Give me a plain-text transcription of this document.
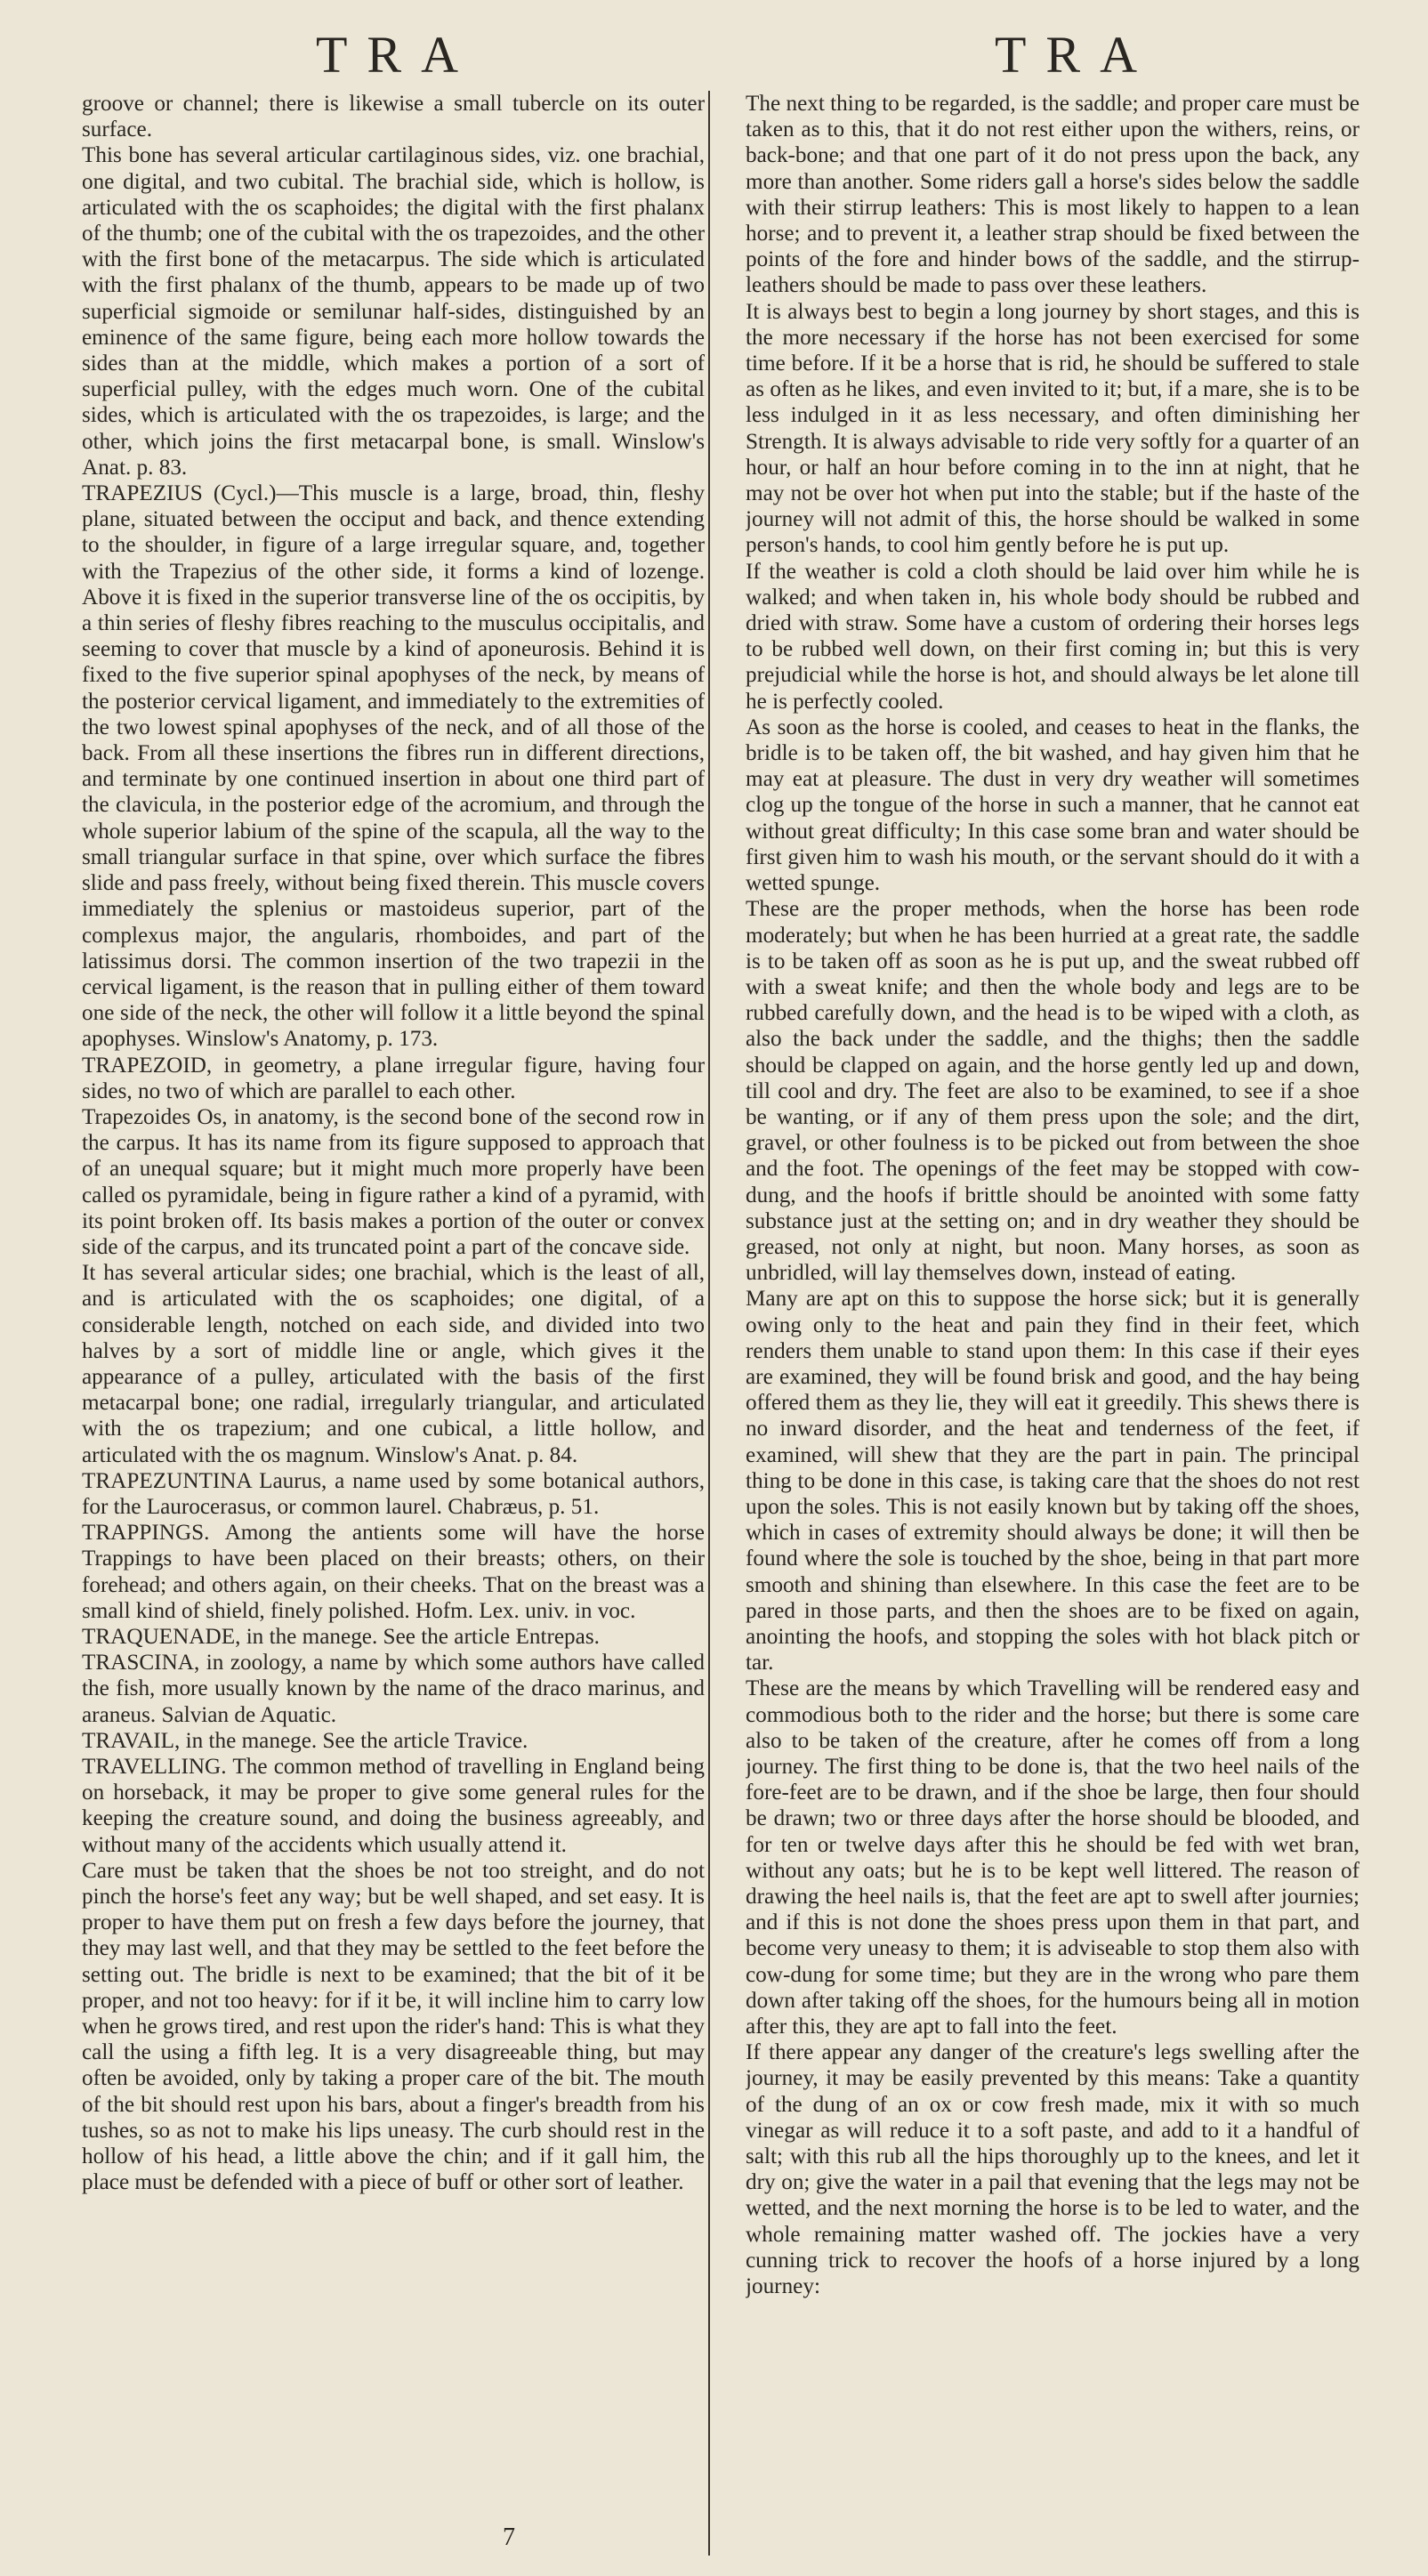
TRA	TRA

groove or channel; there is likewise a small tubercle on its outer surface.

This bone has several articular cartilaginous sides, viz. one brachial, one digital, and two cubital. The brachial side, which is hollow, is articulated with the os scaphoides; the digital with the first phalanx of the thumb; one of the cubital with the os trapezoides, and the other with the first bone of the metacarpus. The side which is articulated with the first phalanx of the thumb, appears to be made up of two superficial sigmoide or semilunar half-sides, distinguished by an eminence of the same figure, being each more hollow towards the sides than at the middle, which makes a portion of a sort of superficial pulley, with the edges much worn. One of the cubital sides, which is articulated with the os trapezoides, is large; and the other, which joins the first metacarpal bone, is small. Winslow's Anat. p. 83.

TRAPEZIUS (Cycl.)—This muscle is a large, broad, thin, fleshy plane, situated between the occiput and back, and thence extending to the shoulder, in figure of a large irregular square, and, together with the Trapezius of the other side, it forms a kind of lozenge. Above it is fixed in the superior transverse line of the os occipitis, by a thin series of fleshy fibres reaching to the musculus occipitalis, and seeming to cover that muscle by a kind of aponeurosis. Behind it is fixed to the five superior spinal apophyses of the neck, by means of the posterior cervical ligament, and immediately to the extremities of the two lowest spinal apophyses of the neck, and of all those of the back. From all these insertions the fibres run in different directions, and terminate by one continued insertion in about one third part of the clavicula, in the posterior edge of the acromium, and through the whole superior labium of the spine of the scapula, all the way to the small triangular surface in that spine, over which surface the fibres slide and pass freely, without being fixed therein. This muscle covers immediately the splenius or mastoideus superior, part of the complexus major, the angularis, rhomboides, and part of the latissimus dorsi. The common insertion of the two trapezii in the cervical ligament, is the reason that in pulling either of them toward one side of the neck, the other will follow it a little beyond the spinal apophyses. Winslow's Anatomy, p. 173.

TRAPEZOID, in geometry, a plane irregular figure, having four sides, no two of which are parallel to each other.

Trapezoides Os, in anatomy, is the second bone of the second row in the carpus. It has its name from its figure supposed to approach that of an unequal square; but it might much more properly have been called os pyramidale, being in figure rather a kind of a pyramid, with its point broken off. Its basis makes a portion of the outer or convex side of the carpus, and its truncated point a part of the concave side.

It has several articular sides; one brachial, which is the least of all, and is articulated with the os scaphoides; one digital, of a considerable length, notched on each side, and divided into two halves by a sort of middle line or angle, which gives it the appearance of a pulley, articulated with the basis of the first metacarpal bone; one radial, irregularly triangular, and articulated with the os trapezium; and one cubical, a little hollow, and articulated with the os magnum. Winslow's Anat. p. 84.

TRAPEZUNTINA Laurus, a name used by some botanical authors, for the Laurocerasus, or common laurel. Chabræus, p. 51.

TRAPPINGS. Among the antients some will have the horse Trappings to have been placed on their breasts; others, on their forehead; and others again, on their cheeks. That on the breast was a small kind of shield, finely polished. Hofm. Lex. univ. in voc.

TRAQUENADE, in the manege. See the article Entrepas.

TRASCINA, in zoology, a name by which some authors have called the fish, more usually known by the name of the draco marinus, and araneus. Salvian de Aquatic.

TRAVAIL, in the manege. See the article Travice.

TRAVELLING. The common method of travelling in England being on horseback, it may be proper to give some general rules for the keeping the creature sound, and doing the business agreeably, and without many of the accidents which usually attend it.

Care must be taken that the shoes be not too streight, and do not pinch the horse's feet any way; but be well shaped, and set easy. It is proper to have them put on fresh a few days before the journey, that they may last well, and that they may be settled to the feet before the setting out. The bridle is next to be examined; that the bit of it be proper, and not too heavy: for if it be, it will incline him to carry low when he grows tired, and rest upon the rider's hand: This is what they call the using a fifth leg. It is a very disagreeable thing, but may often be avoided, only by taking a proper care of the bit. The mouth of the bit should rest upon his bars, about a finger's breadth from his tushes, so as not to make his lips uneasy. The curb should rest in the hollow of his head, a little above the chin; and if it gall him, the place must be defended with a piece of buff or other sort of leather.

The next thing to be regarded, is the saddle; and proper care must be taken as to this, that it do not rest either upon the withers, reins, or back-bone; and that one part of it do not press upon the back, any more than another. Some riders gall a horse's sides below the saddle with their stirrup leathers: This is most likely to happen to a lean horse; and to prevent it, a leather strap should be fixed between the points of the fore and hinder bows of the saddle, and the stirrup-leathers should be made to pass over these leathers.

It is always best to begin a long journey by short stages, and this is the more necessary if the horse has not been exercised for some time before. If it be a horse that is rid, he should be suffered to stale as often as he likes, and even invited to it; but, if a mare, she is to be less indulged in it as less necessary, and often diminishing her Strength. It is always advisable to ride very softly for a quarter of an hour, or half an hour before coming in to the inn at night, that he may not be over hot when put into the stable; but if the haste of the journey will not admit of this, the horse should be walked in some person's hands, to cool him gently before he is put up.

If the weather is cold a cloth should be laid over him while he is walked; and when taken in, his whole body should be rubbed and dried with straw. Some have a custom of ordering their horses legs to be rubbed well down, on their first coming in; but this is very prejudicial while the horse is hot, and should always be let alone till he is perfectly cooled.

As soon as the horse is cooled, and ceases to heat in the flanks, the bridle is to be taken off, the bit washed, and hay given him that he may eat at pleasure. The dust in very dry weather will sometimes clog up the tongue of the horse in such a manner, that he cannot eat without great difficulty; In this case some bran and water should be first given him to wash his mouth, or the servant should do it with a wetted spunge.

These are the proper methods, when the horse has been rode moderately; but when he has been hurried at a great rate, the saddle is to be taken off as soon as he is put up, and the sweat rubbed off with a sweat knife; and then the whole body and legs are to be rubbed carefully down, and the head is to be wiped with a cloth, as also the back under the saddle, and the thighs; then the saddle should be clapped on again, and the horse gently led up and down, till cool and dry. The feet are also to be examined, to see if a shoe be wanting, or if any of them press upon the sole; and the dirt, gravel, or other foulness is to be picked out from between the shoe and the foot. The openings of the feet may be stopped with cow-dung, and the hoofs if brittle should be anointed with some fatty substance just at the setting on; and in dry weather they should be greased, not only at night, but noon. Many horses, as soon as unbridled, will lay themselves down, instead of eating.

Many are apt on this to suppose the horse sick; but it is generally owing only to the heat and pain they find in their feet, which renders them unable to stand upon them: In this case if their eyes are examined, they will be found brisk and good, and the hay being offered them as they lie, they will eat it greedily. This shews there is no inward disorder, and the heat and tenderness of the feet, if examined, will shew that they are the part in pain. The principal thing to be done in this case, is taking care that the shoes do not rest upon the soles. This is not easily known but by taking off the shoes, which in cases of extremity should always be done; it will then be found where the sole is touched by the shoe, being in that part more smooth and shining than elsewhere. In this case the feet are to be pared in those parts, and then the shoes are to be fixed on again, anointing the hoofs, and stopping the soles with hot black pitch or tar.

These are the means by which Travelling will be rendered easy and commodious both to the rider and the horse; but there is some care also to be taken of the creature, after he comes off from a long journey. The first thing to be done is, that the two heel nails of the fore-feet are to be drawn, and if the shoe be large, then four should be drawn; two or three days after the horse should be blooded, and for ten or twelve days after this he should be fed with wet bran, without any oats; but he is to be kept well littered. The reason of drawing the heel nails is, that the feet are apt to swell after journies; and if this is not done the shoes press upon them in that part, and become very uneasy to them; it is adviseable to stop them also with cow-dung for some time; but they are in the wrong who pare them down after taking off the shoes, for the humours being all in motion after this, they are apt to fall into the feet.

If there appear any danger of the creature's legs swelling after the journey, it may be easily prevented by this means: Take a quantity of the dung of an ox or cow fresh made, mix it with so much vinegar as will reduce it to a soft paste, and add to it a handful of salt; with this rub all the hips thoroughly up to the knees, and let it dry on; give the water in a pail that evening that the legs may not be wetted, and the next morning the horse is to be led to water, and the whole remaining matter washed off. The jockies have a very cunning trick to recover the hoofs of a horse injured by a long journey:

7
